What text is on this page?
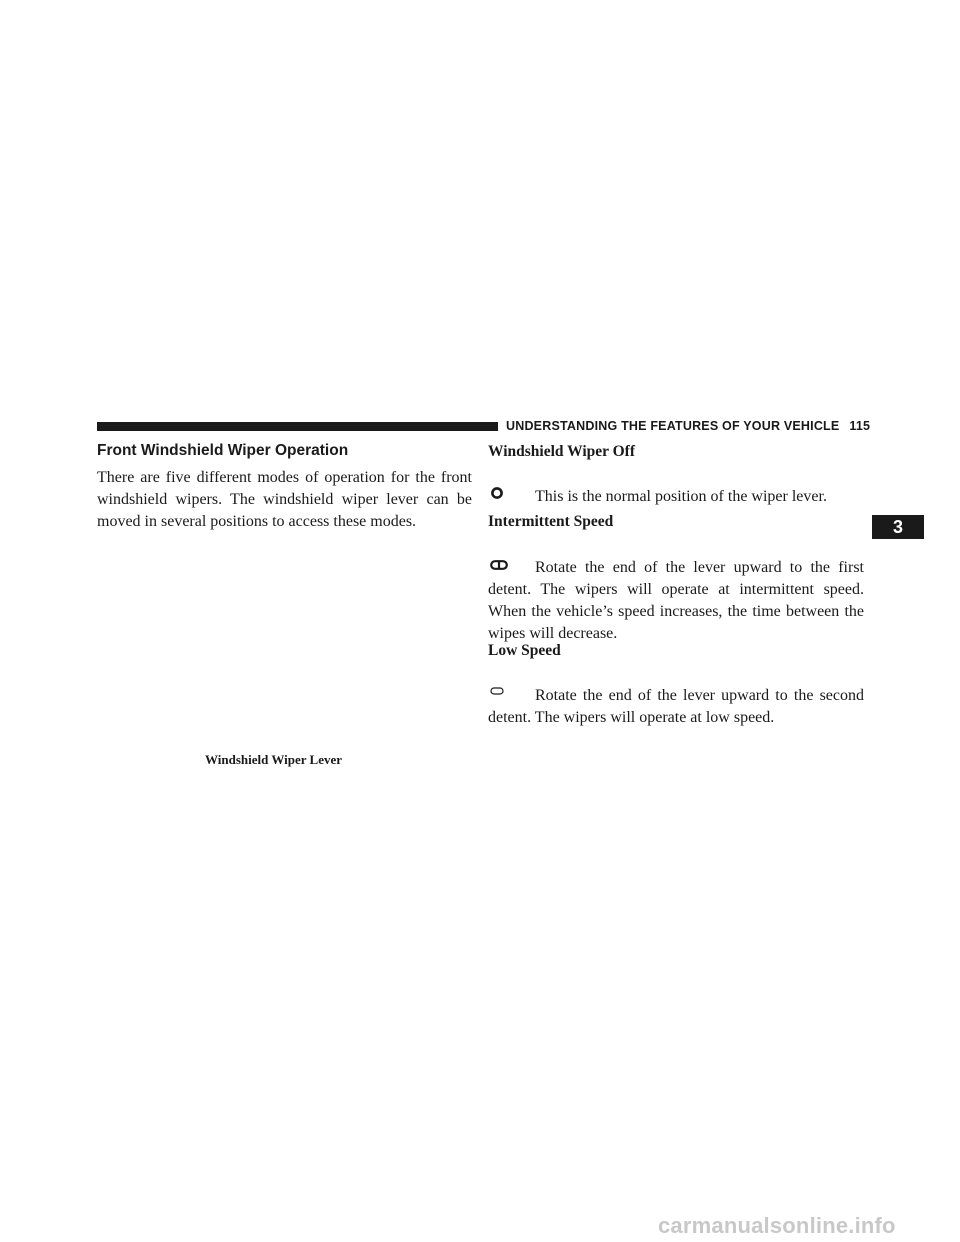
UNDERSTANDING THE FEATURES OF YOUR VEHICLE 115
Front Windshield Wiper Operation
There are five different modes of operation for the front windshield wipers. The windshield wiper lever can be moved in several positions to access these modes.
Windshield Wiper Lever
Windshield Wiper Off
This is the normal position of the wiper lever.
Intermittent Speed
Rotate the end of the lever upward to the first detent. The wipers will operate at intermittent speed. When the vehicle’s speed increases, the time between the wipes will decrease.
Low Speed
Rotate the end of the lever upward to the second detent. The wipers will operate at low speed.
3
carmanualsonline.info
